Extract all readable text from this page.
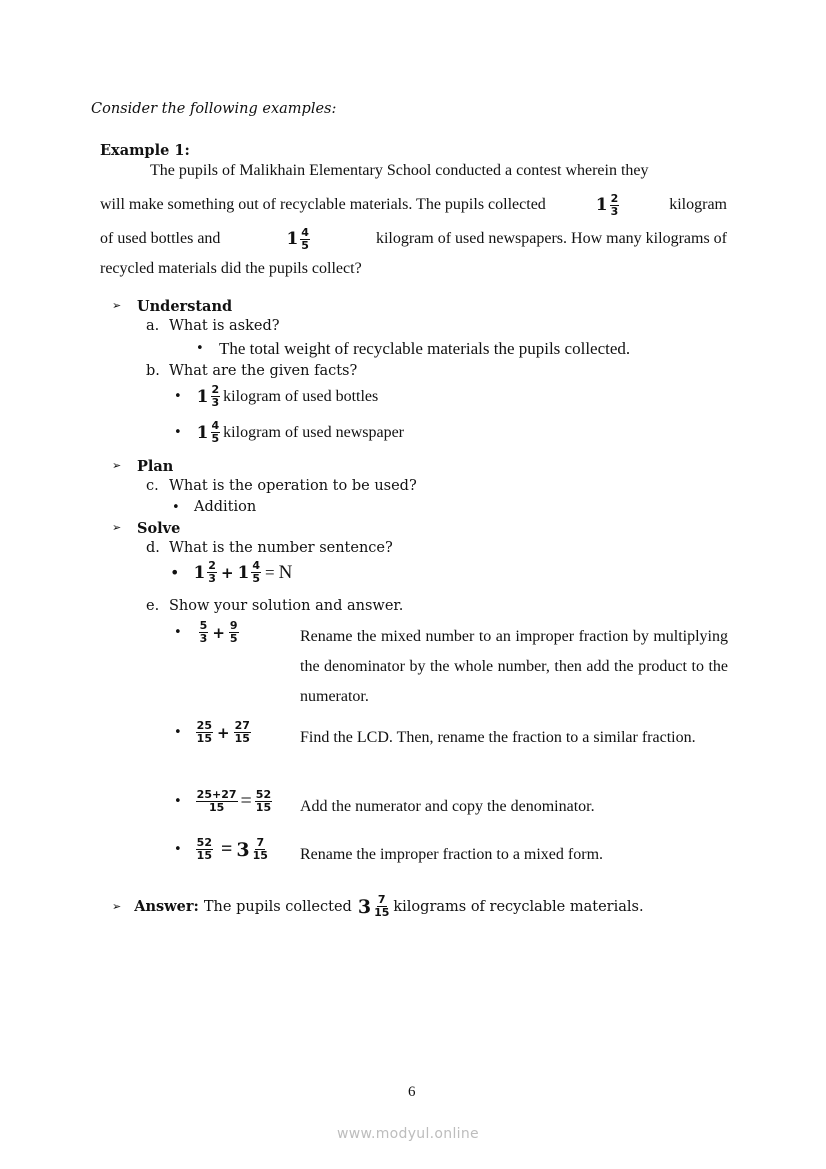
Consider the following examples:
Example 1:
The pupils of Malikhain Elementary School conducted a contest wherein they
will make something out of recyclable materials. The pupils collected	$1 \frac{2}{3}$	kilogram
of used bottles and	$1 \frac{4}{5}$	kilogram of used newspapers. How many kilograms of
recycled materials did the pupils collect?
➢ Understand
a. What is asked?
• The total weight of recyclable materials the pupils collected.
b. What are the given facts?
• $1 \frac{2}{3}$ kilogram of used bottles
• $1 \frac{4}{5}$ kilogram of used newspaper
➢ Plan
c. What is the operation to be used?
• Addition
➢ Solve
d. What is the number sentence?
• $1 \frac{2}{3} + 1 \frac{4}{5} = N$
e. Show your solution and answer.
• $\frac{5}{3} + \frac{9}{5}$	Rename the mixed number to an improper fraction by multiplying the denominator by the whole number, then add the product to the numerator.
• $\frac{25}{15} + \frac{27}{15}$	Find the LCD. Then, rename the fraction to a similar fraction.
• $\frac{25+27}{15} = \frac{52}{15}$ Add the numerator and copy the denominator.
• $\frac{52}{15} = 3 \frac{7}{15}$ Rename the improper fraction to a mixed form.
➢ Answer: The pupils collected $3 \frac{7}{15}$ kilograms of recyclable materials.
6
www.modyul.online
